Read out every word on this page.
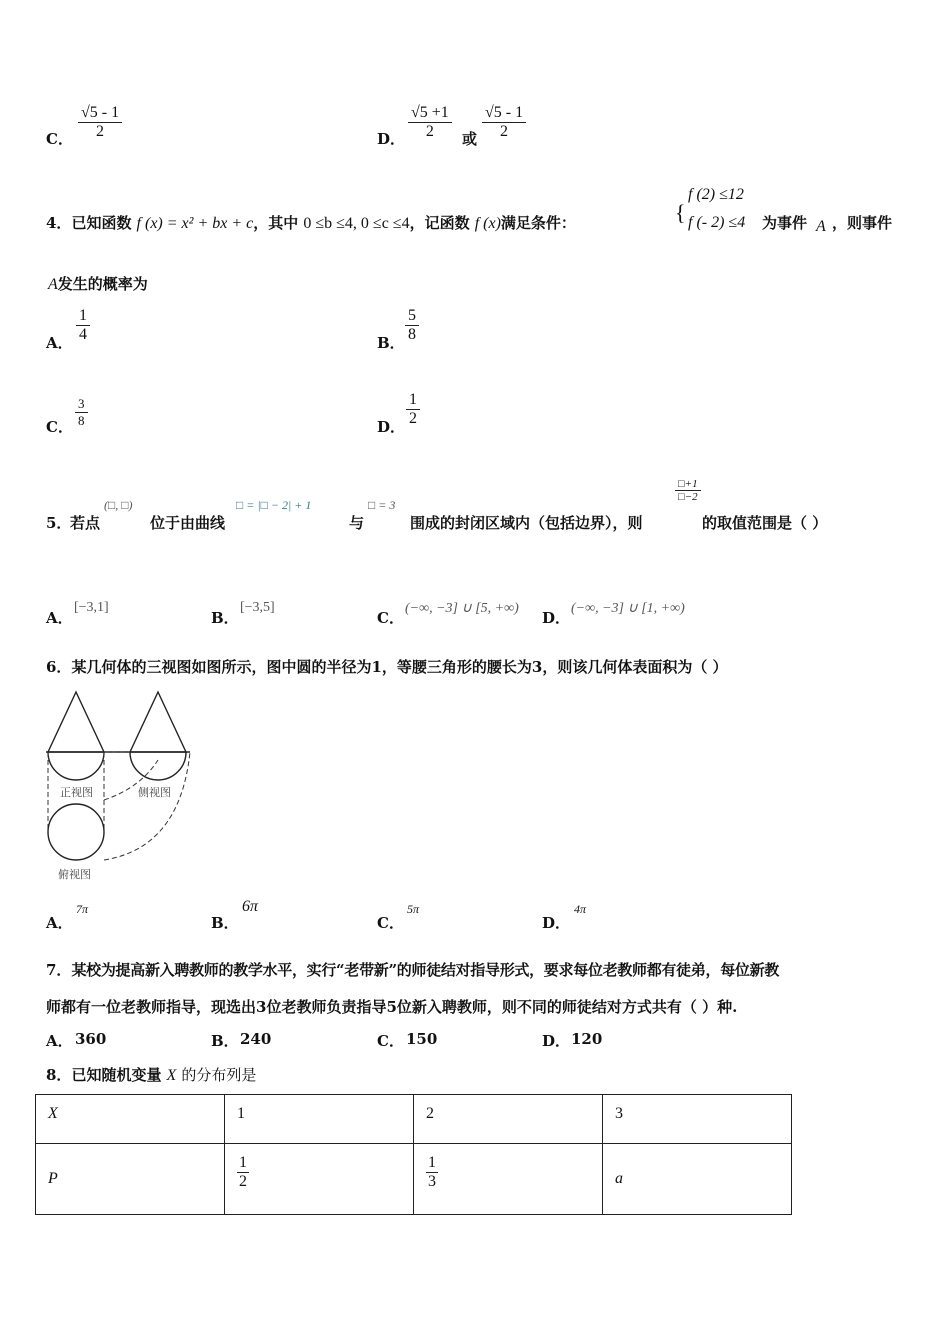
C． $\frac{√5 - 1}{2}$	D． $\frac{√5 +1}{2}$ 或 $\frac{√5 - 1}{2}$
4．已知函数 f (x) = x² + bx + c，其中 0 ≤b ≤4, 0 ≤c ≤4，记函数 f (x)满足条件：	{
f (2) ≤12
f (- 2) ≤4 为事件 A ，则事件
A发生的概率为
A． $\frac{1}{4}$	B． $\frac{5}{8}$
C． $\frac{3}{8}$	D． $\frac{1}{2}$
5．
若点
(□, □)
位于由曲线
□ = |□ − 2| + 1
与
□ = 3
围成的封闭区域内（包括边界），则
$\frac{□+1}{□-2}$
的取值范围是（ ）
A．
[−3,1]
B．
[−3,5]
C．
(−∞, −3] ∪ [5, +∞)
D．
(−∞, −3] ∪ [1, +∞)
6．某几何体的三视图如图所示，图中圆的半径为1，等腰三角形的腰长为3，则该几何体表面积为（ ）
正视图	侧视图
俯视图
A．
7π
B．
6π
C．
5π
D．
4π
7．某校为提高新入聘教师的教学水平，实行“老带新”的师徒结对指导形式，要求每位老教师都有徒弟，每位新教
师都有一位老教师指导，现选出3位老教师负责指导5位新入聘教师，则不同的师徒结对方式共有（ ）种.
A． 360	B． 240	C． 150	D． 120
8．已知随机变量 X 的分布列是
X	1	2	3
P	$\frac{1}{2}$	$\frac{1}{3}$	a
